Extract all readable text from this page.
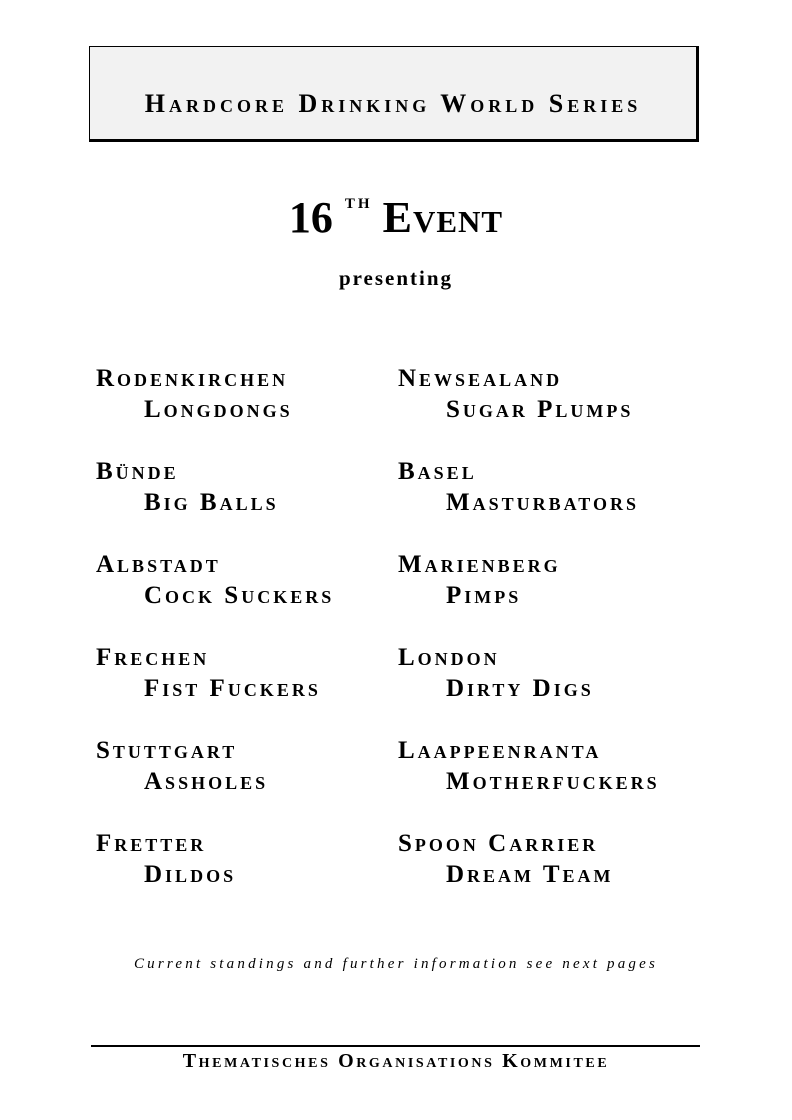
Hardcore Drinking World Series
16 $^{TH}$ Event
presenting
Rodenkirchen
Longdongs
Bünde
Big Balls
Albstadt
Cock Suckers
Frechen
Fist Fuckers
Stuttgart
Assholes
Fretter
Dildos
Newsealand
Sugar Plumps
Basel
Masturbators
Marienberg
Pimps
London
Dirty Digs
Laappeenranta
Motherfuckers
Spoon Carrier
Dream Team
Current standings and further information see next pages
Thematisches Organisations Kommitee
